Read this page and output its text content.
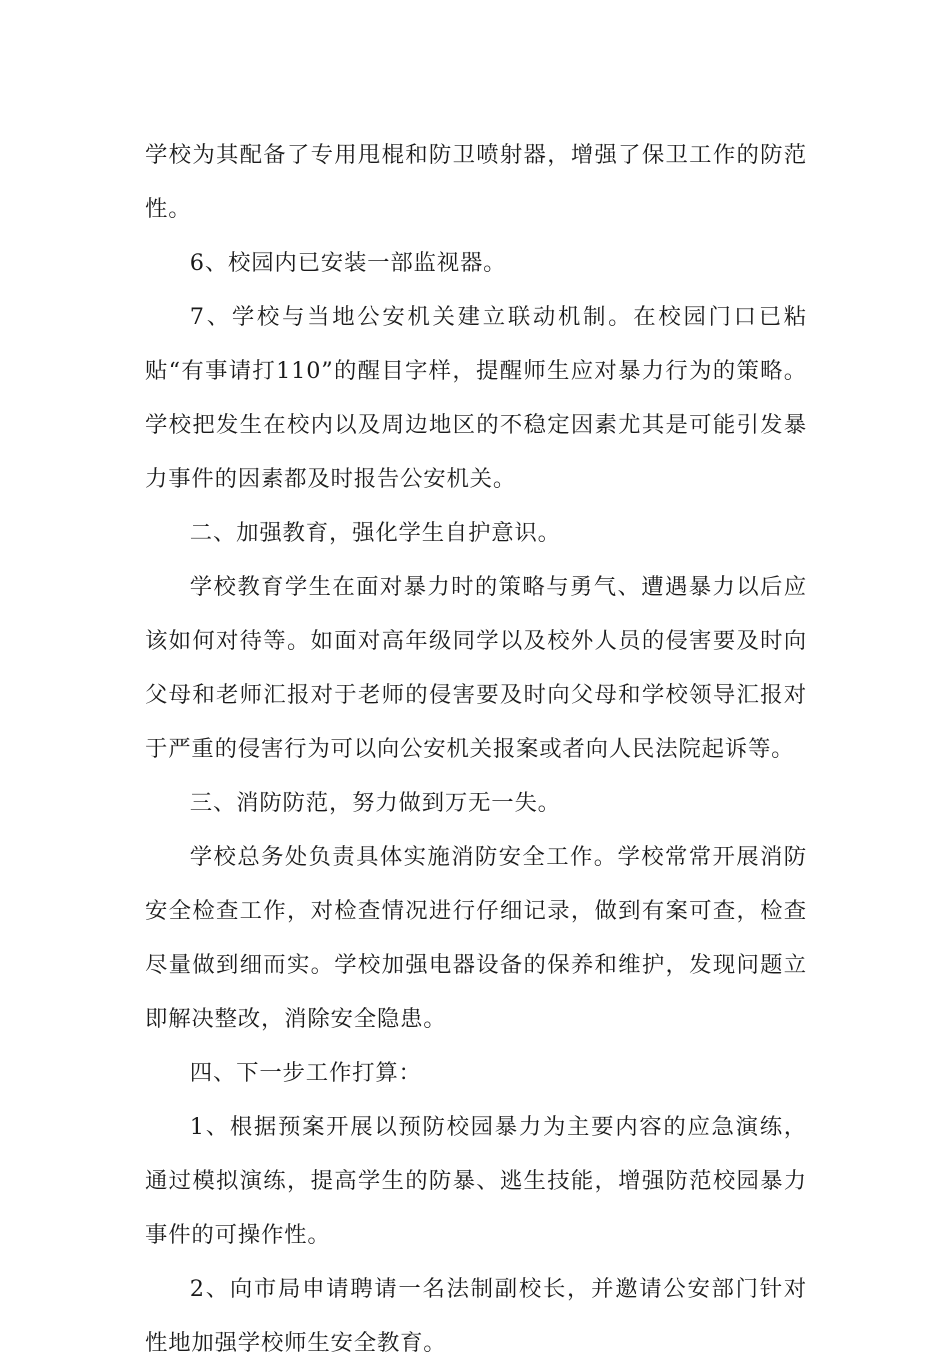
学校为其配备了专用甩棍和防卫喷射器，增强了保卫工作的防范性。

6、校园内已安装一部监视器。

7、学校与当地公安机关建立联动机制。在校园门口已粘贴“有事请打110”的醒目字样，提醒师生应对暴力行为的策略。学校把发生在校内以及周边地区的不稳定因素尤其是可能引发暴力事件的因素都及时报告公安机关。

二、加强教育，强化学生自护意识。

学校教育学生在面对暴力时的策略与勇气、遭遇暴力以后应该如何对待等。如面对高年级同学以及校外人员的侵害要及时向父母和老师汇报对于老师的侵害要及时向父母和学校领导汇报对于严重的侵害行为可以向公安机关报案或者向人民法院起诉等。

三、消防防范，努力做到万无一失。

学校总务处负责具体实施消防安全工作。学校常常开展消防安全检查工作，对检查情况进行仔细记录，做到有案可查，检查尽量做到细而实。学校加强电器设备的保养和维护，发现问题立即解决整改，消除安全隐患。

四、下一步工作打算：

1、根据预案开展以预防校园暴力为主要内容的应急演练，通过模拟演练，提高学生的防暴、逃生技能，增强防范校园暴力事件的可操作性。

2、向市局申请聘请一名法制副校长，并邀请公安部门针对性地加强学校师生安全教育。
